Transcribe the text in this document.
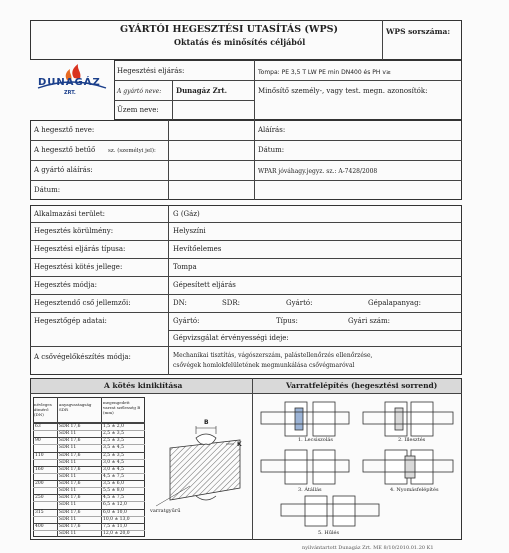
GYÁRTÓI HEGESZTÉSI UTASÍTÁS (WPS)
Oktatás és minősítés céljából
WPS sorszáma:
DUNAGÁZ
ZRT.
Hegesztési eljárás:	Tompa: PE 3,5 T LW PE min DN400 és PH v≥
A gyártó neve: Dunagáz Zrt.	Minősítő személy-, vagy test. megn. azonosítók:
Üzem neve:
A hegesztő neve:	Aláírás:
A hegesztő betűő sz. (személyi jel):	Dátum:
A gyártó aláírás:	WPAR jóváhagy.jegyz. sz.: A-7428/2008
Dátum:
Alkalmazási terület:	G (Gáz)
Hegesztés körülmény:	Helyszíni
Hegesztési eljárás típusa:	Hevítőelemes
Hegesztési kötés jellege:	Tompa
Hegesztés módja:	Gépesített eljárás
Hegesztendő cső jellemzői:	DN:	SDR:	Gyártó:	Gépalapanyag:
Hegesztőgép adatai:	Gyártó:	Típus:	Gyári szám:
Gépvizsgálat érvényességi ideje:
A csővégelőkészítés módja:	Mechanikai tisztítás, vágószerszám, palástellenőrzés ellenőrzése,
csővégek homlokfelületének megmunkálása csővégmaróval
A kötés kinikiítása	Varratfelépítés (hegesztési sorrend)
névleges átmérő (DN)
anyagvastagság SDR
megengedett varrat szélesség B (mm)
63	SDR 17,6	1,5 ± 2,0
SDR 11	2,5 ± 3,5
90	SDR 17,6	2,5 ± 3,5
SDR 11	3,5 ± 4,5
110	SDR 17,6	2,5 ± 3,5
SDR 11	3,0 ± 4,5
160	SDR 17,6	3,0 ± 4,5
SDR 11	4,5 ± 7,5
200	SDR 17,6	3,5 ± 6,0
SDR 11	5,5 ± 8,0
250	SDR 17,6	4,5 ± 7,5
SDR 11	6,5 ± 12,0
315	SDR 17,6	6,0 ± 10,0
SDR 11	10,0 ± 13,0
400	SDR 17,6	7,5 ± 11,0
SDR 11	12,0 ± 20,0
B
K
varratgyűrű
1. Lecsiszolás	2. Illesztés
3. Átállás	4. Nyomásfelépítés
5. Hűlés
nyilvántartott Dunagáz Zrt. ME 8/10/2010.01.20 K1
